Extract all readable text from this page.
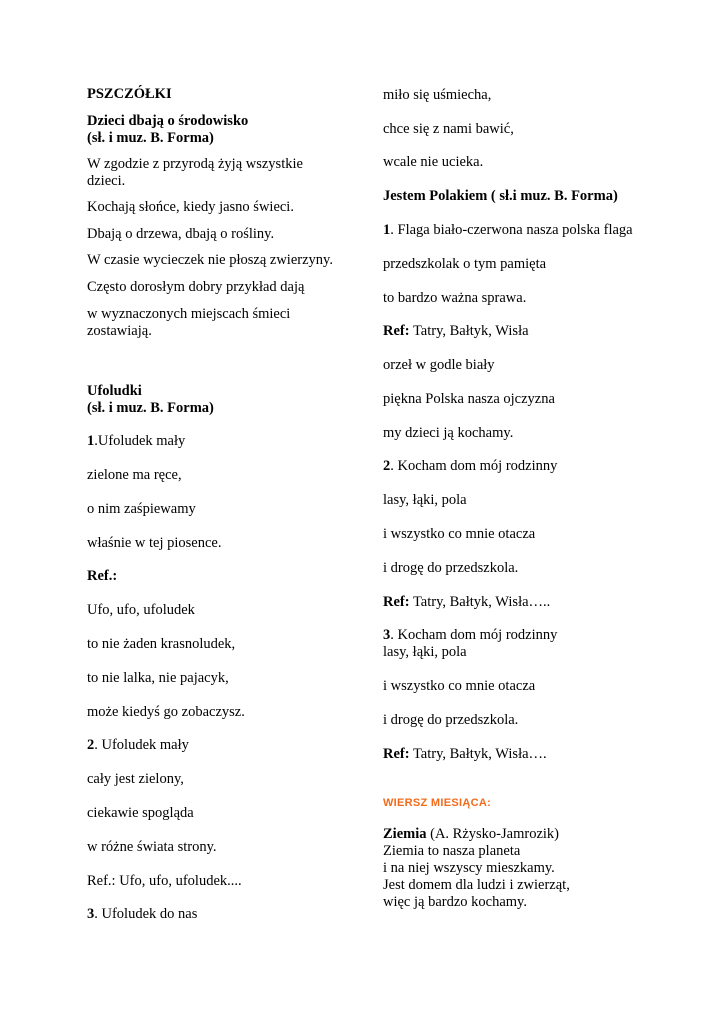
PSZCZÓŁKI
Dzieci dbają o środowisko
(sł. i muz. B. Forma)
W zgodzie z przyrodą żyją wszystkie
dzieci.
Kochają słońce, kiedy jasno świeci.
Dbają o drzewa, dbają o rośliny.
W czasie wycieczek nie płoszą zwierzyny.
Często dorosłym dobry przykład dają
w wyznaczonych miejscach śmieci
zostawiają.
Ufoludki
(sł. i muz. B. Forma)
1.Ufoludek mały
zielone ma ręce,
o nim zaśpiewamy
właśnie w tej piosence.
Ref.:
Ufo, ufo, ufoludek
to nie żaden krasnoludek,
to nie lalka, nie pajacyk,
może kiedyś go zobaczysz.
2. Ufoludek mały
cały jest zielony,
ciekawie spogląda
w różne świata strony.
Ref.: Ufo, ufo, ufoludek....
3. Ufoludek do nas
miło się uśmiecha,
chce się z nami bawić,
wcale nie ucieka.
Jestem Polakiem ( sł.i muz. B. Forma)
1. Flaga biało-czerwona nasza polska flaga
przedszkolak o tym pamięta
to bardzo ważna sprawa.
Ref: Tatry, Bałtyk, Wisła
orzeł w godle biały
piękna Polska nasza ojczyzna
my dzieci ją kochamy.
2. Kocham dom mój rodzinny
lasy, łąki, pola
i wszystko co mnie otacza
i drogę do przedszkola.
Ref: Tatry, Bałtyk, Wisła…..
3. Kocham dom mój rodzinny
lasy, łąki, pola
i wszystko co mnie otacza
i drogę do przedszkola.
Ref: Tatry, Bałtyk, Wisła….
WIERSZ MIESIĄCA:
Ziemia (A. Rżysko-Jamrozik)
Ziemia to nasza planeta
i na niej wszyscy mieszkamy.
Jest domem dla ludzi i zwierząt,
więc ją bardzo kochamy.
